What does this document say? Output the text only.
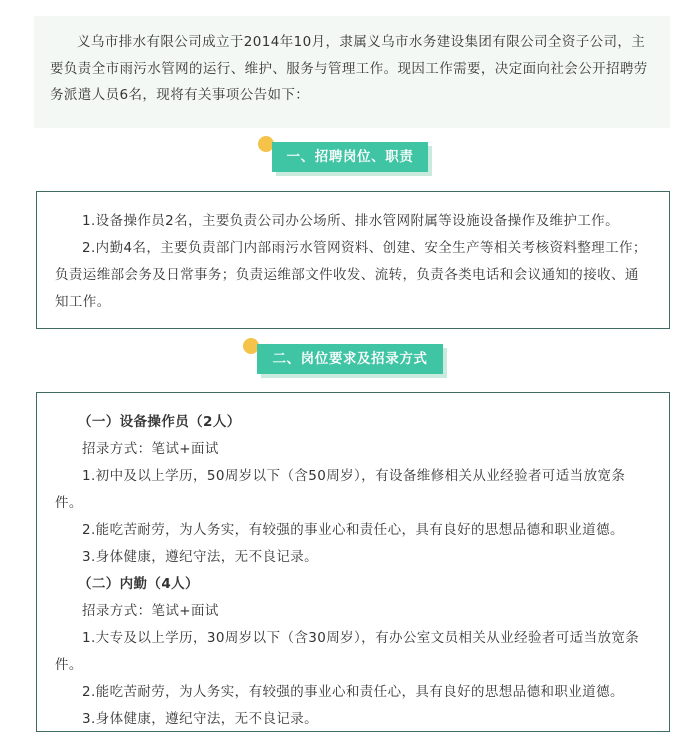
义乌市排水有限公司成立于2014年10月，隶属义乌市水务建设集团有限公司全资子公司，主要负责全市雨污水管网的运行、维护、服务与管理工作。现因工作需要，决定面向社会公开招聘劳务派遣人员6名，现将有关事项公告如下：

一、招聘岗位、职责

1.设备操作员2名，主要负责公司办公场所、排水管网附属等设施设备操作及维护工作。

2.内勤4名，主要负责部门内部雨污水管网资料、创建、安全生产等相关考核资料整理工作；负责运维部会务及日常事务；负责运维部文件收发、流转，负责各类电话和会议通知的接收、通知工作。

二、岗位要求及招录方式

（一）设备操作员（2人）

招录方式：笔试+面试

1.初中及以上学历，50周岁以下（含50周岁），有设备维修相关从业经验者可适当放宽条件。

2.能吃苦耐劳，为人务实，有较强的事业心和责任心，具有良好的思想品德和职业道德。

3.身体健康，遵纪守法，无不良记录。

（二）内勤（4人）

招录方式：笔试+面试

1.大专及以上学历，30周岁以下（含30周岁），有办公室文员相关从业经验者可适当放宽条件。

2.能吃苦耐劳，为人务实，有较强的事业心和责任心，具有良好的思想品德和职业道德。

3.身体健康，遵纪守法，无不良记录。
